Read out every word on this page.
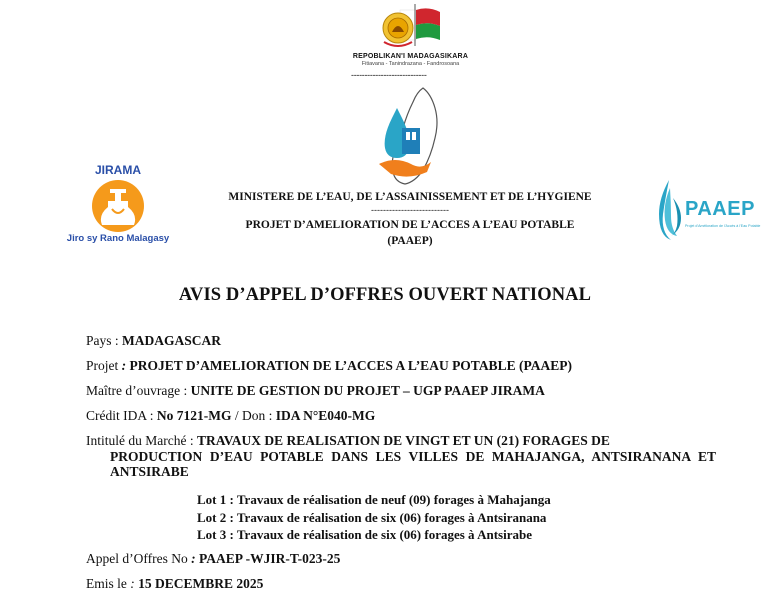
REPOBLIKAN'I MADAGASIKARA
Fitiavana - Tanindrazana - Fandrosoana
----------------------------
JIRAMA
Jiro sy Rano Malagasy
PAAEP
Projet d'Amélioration de l'Accès à l'Eau Potable
MINISTERE DE L’EAU, DE L’ASSAINISSEMENT ET DE L’HYGIENE
--------------------------
PROJET D’AMELIORATION DE L’ACCES A L’EAU POTABLE
(PAAEP)
AVIS D’APPEL D’OFFRES OUVERT NATIONAL
Pays : MADAGASCAR
Projet : PROJET D’AMELIORATION DE L’ACCES A L’EAU POTABLE (PAAEP)
Maître d’ouvrage : UNITE DE GESTION DU PROJET – UGP PAAEP JIRAMA
Crédit IDA : No 7121-MG / Don : IDA N°E040-MG
Intitulé du Marché : TRAVAUX DE REALISATION DE VINGT ET UN (21) FORAGES DE
PRODUCTION D’EAU POTABLE DANS LES VILLES DE MAHAJANGA, ANTSIRANANA ET ANTSIRABE
Lot 1 : Travaux de réalisation de neuf (09) forages à Mahajanga
Lot 2 : Travaux de réalisation de six (06) forages à Antsiranana
Lot 3 : Travaux de réalisation de six (06) forages à Antsirabe
Appel d’Offres No : PAAEP -WJIR-T-023-25
Emis le : 15 DECEMBRE 2025
